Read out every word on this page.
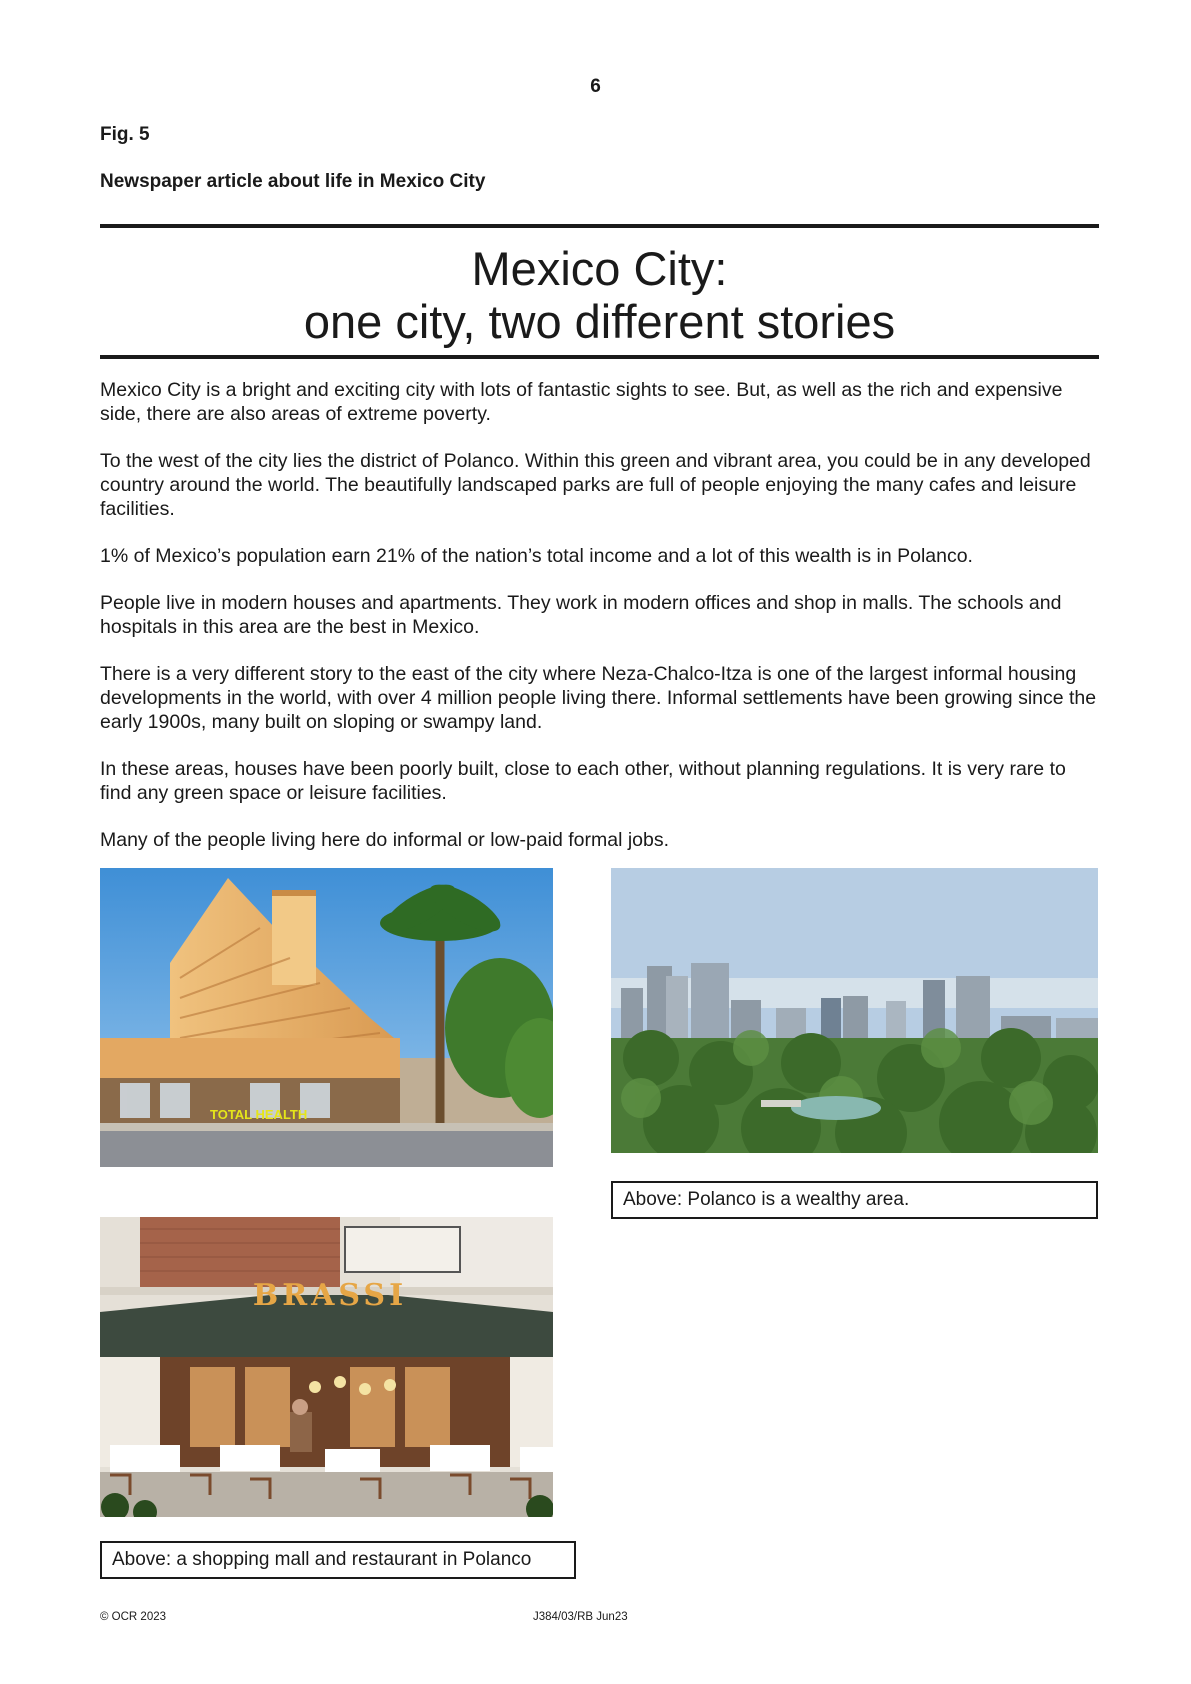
6
Fig. 5
Newspaper article about life in Mexico City
Mexico City:
one city, two different stories

Mexico City is a bright and exciting city with lots of fantastic sights to see. But, as well as the rich and expensive side, there are also areas of extreme poverty.

To the west of the city lies the district of Polanco. Within this green and vibrant area, you could be in any developed country around the world. The beautifully landscaped parks are full of people enjoying the many cafes and leisure facilities.

1% of Mexico’s population earn 21% of the nation’s total income and a lot of this wealth is in Polanco.

People live in modern houses and apartments. They work in modern offices and shop in malls. The schools and hospitals in this area are the best in Mexico.

There is a very different story to the east of the city where Neza-Chalco-Itza is one of the largest informal housing developments in the world, with over 4 million people living there. Informal settlements have been growing since the early 1900s, many built on sloping or swampy land.

In these areas, houses have been poorly built, close to each other, without planning regulations. It is very rare to find any green space or leisure facilities.

Many of the people living here do informal or low-paid formal jobs.

TOTAL HEALTH
Above: Polanco is a wealthy area.
BRASSI
Above: a shopping mall and restaurant in Polanco
© OCR 2023	J384/03/RB Jun23
